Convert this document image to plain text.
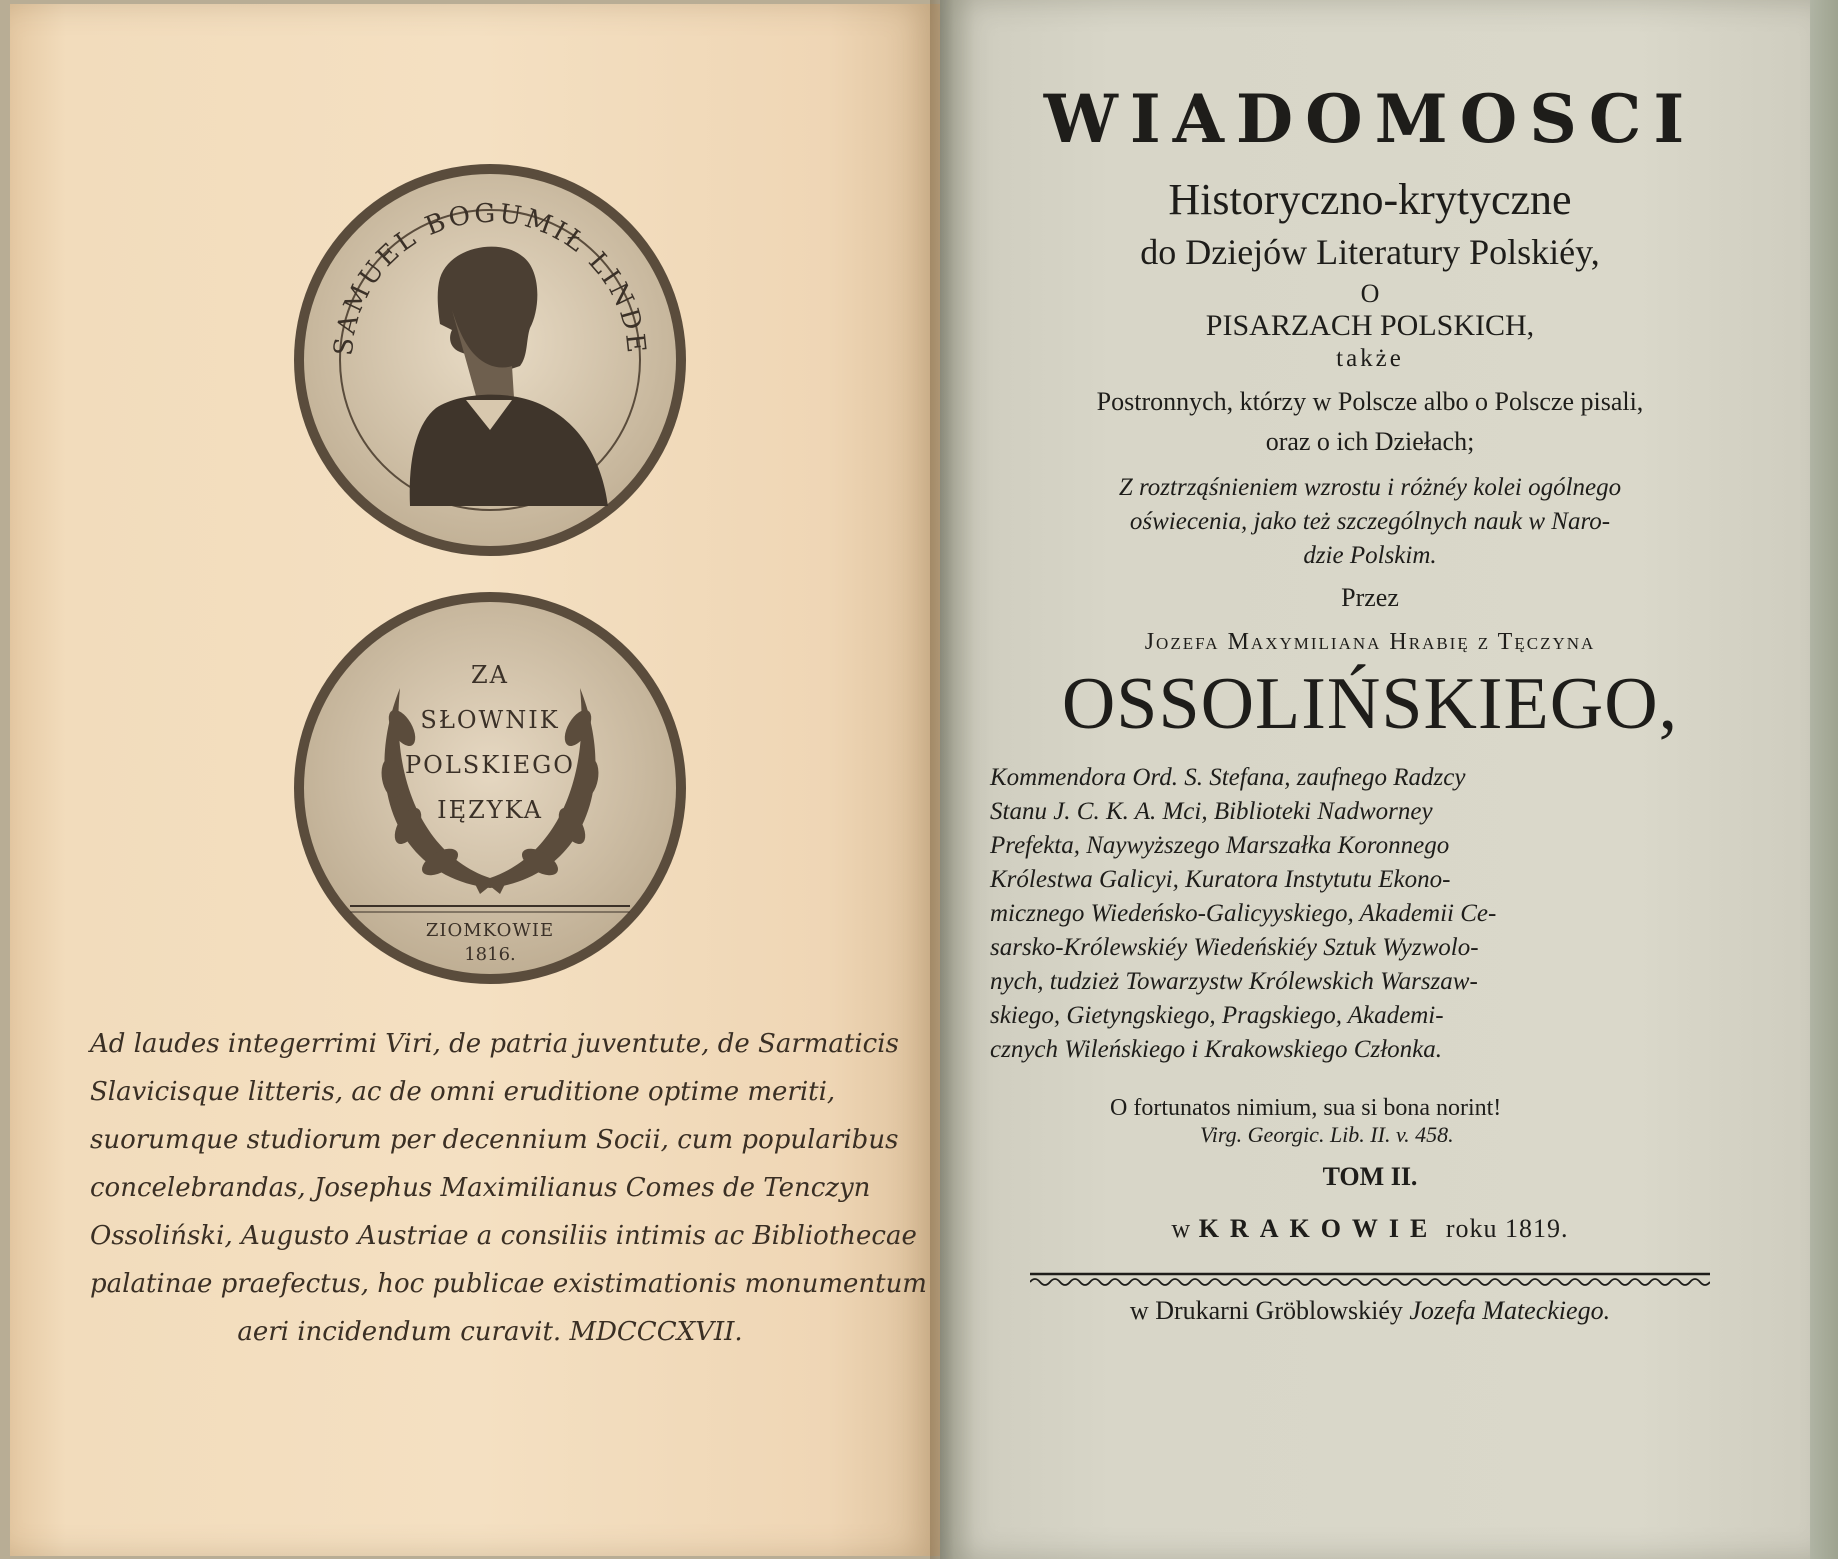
SAMUEL BOGUMIŁ LINDE
ZA
SŁOWNIK
POLSKIEGO
IĘZYKA
ZIOMKOWIE
1816.
Ad laudes integerrimi Viri, de patria juventute, de Sarmaticis
Slavicisque litteris, ac de omni eruditione optime meriti,
suorumque studiorum per decennium Socii, cum popularibus
concelebrandas, Josephus Maximilianus Comes de Tenczyn
Ossoliński, Augusto Austriae a consiliis intimis ac Bibliothecae
palatinae praefectus, hoc publicae existimationis monumentum
aeri incidendum curavit. MDCCCXVII.
WIADOMOSCI
Historyczno-krytyczne
do Dziejów Literatury Polskiéy,
O
PISARZACH POLSKICH,
także
Postronnych, którzy w Polscze albo o Polscze pisali,
oraz o ich Dziełach;
Z roztrząśnieniem wzrostu i różnéy kolei ogólnego
oświecenia, jako też szczególnych nauk w Naro-
dzie Polskim.
Przez
Jozefa Maxymiliana Hrabię z Tęczyna
OSSOLIŃSKIEGO,
Kommendora Ord. S. Stefana, zaufnego Radzcy
Stanu J. C. K. A. Mci, Biblioteki Nadworney
Prefekta, Naywyższego Marszałka Koronnego
Królestwa Galicyi, Kuratora Instytutu Ekono-
micznego Wiedeńsko-Galicyyskiego, Akademii Ce-
sarsko-Królewskiéy Wiedeńskiéy Sztuk Wyzwolo-
nych, tudzież Towarzystw Królewskich Warszaw-
skiego, Gietyngskiego, Pragskiego, Akademi-
cznych Wileńskiego i Krakowskiego Członka.
O fortunatos nimium, sua si bona norint!
Virg. Georgic. Lib. II. v. 458.
TOM II.
w KRAKOWIE roku 1819.
w Drukarni Gröblowskiéy Jozefa Mateckiego.
